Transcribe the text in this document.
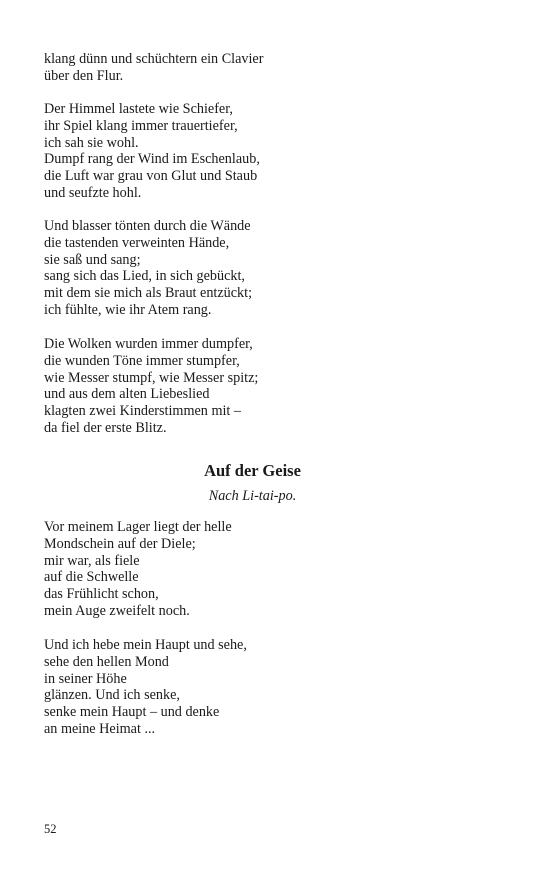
klang dünn und schüchtern ein Clavier
über den Flur.
Der Himmel lastete wie Schiefer,
ihr Spiel klang immer trauertiefer,
ich sah sie wohl.
Dumpf rang der Wind im Eschenlaub,
die Luft war grau von Glut und Staub
und seufzte hohl.
Und blasser tönten durch die Wände
die tastenden verweinten Hände,
sie saß und sang;
sang sich das Lied, in sich gebückt,
mit dem sie mich als Braut entzückt;
ich fühlte, wie ihr Atem rang.
Die Wolken wurden immer dumpfer,
die wunden Töne immer stumpfer,
wie Messer stumpf, wie Messer spitz;
und aus dem alten Liebeslied
klagten zwei Kinderstimmen mit –
da fiel der erste Blitz.
Auf der Geise
Nach Li-tai-po.
Vor meinem Lager liegt der helle
Mondschein auf der Diele;
mir war, als fiele
auf die Schwelle
das Frühlicht schon,
mein Auge zweifelt noch.
Und ich hebe mein Haupt und sehe,
sehe den hellen Mond
in seiner Höhe
glänzen. Und ich senke,
senke mein Haupt – und denke
an meine Heimat ...
52
